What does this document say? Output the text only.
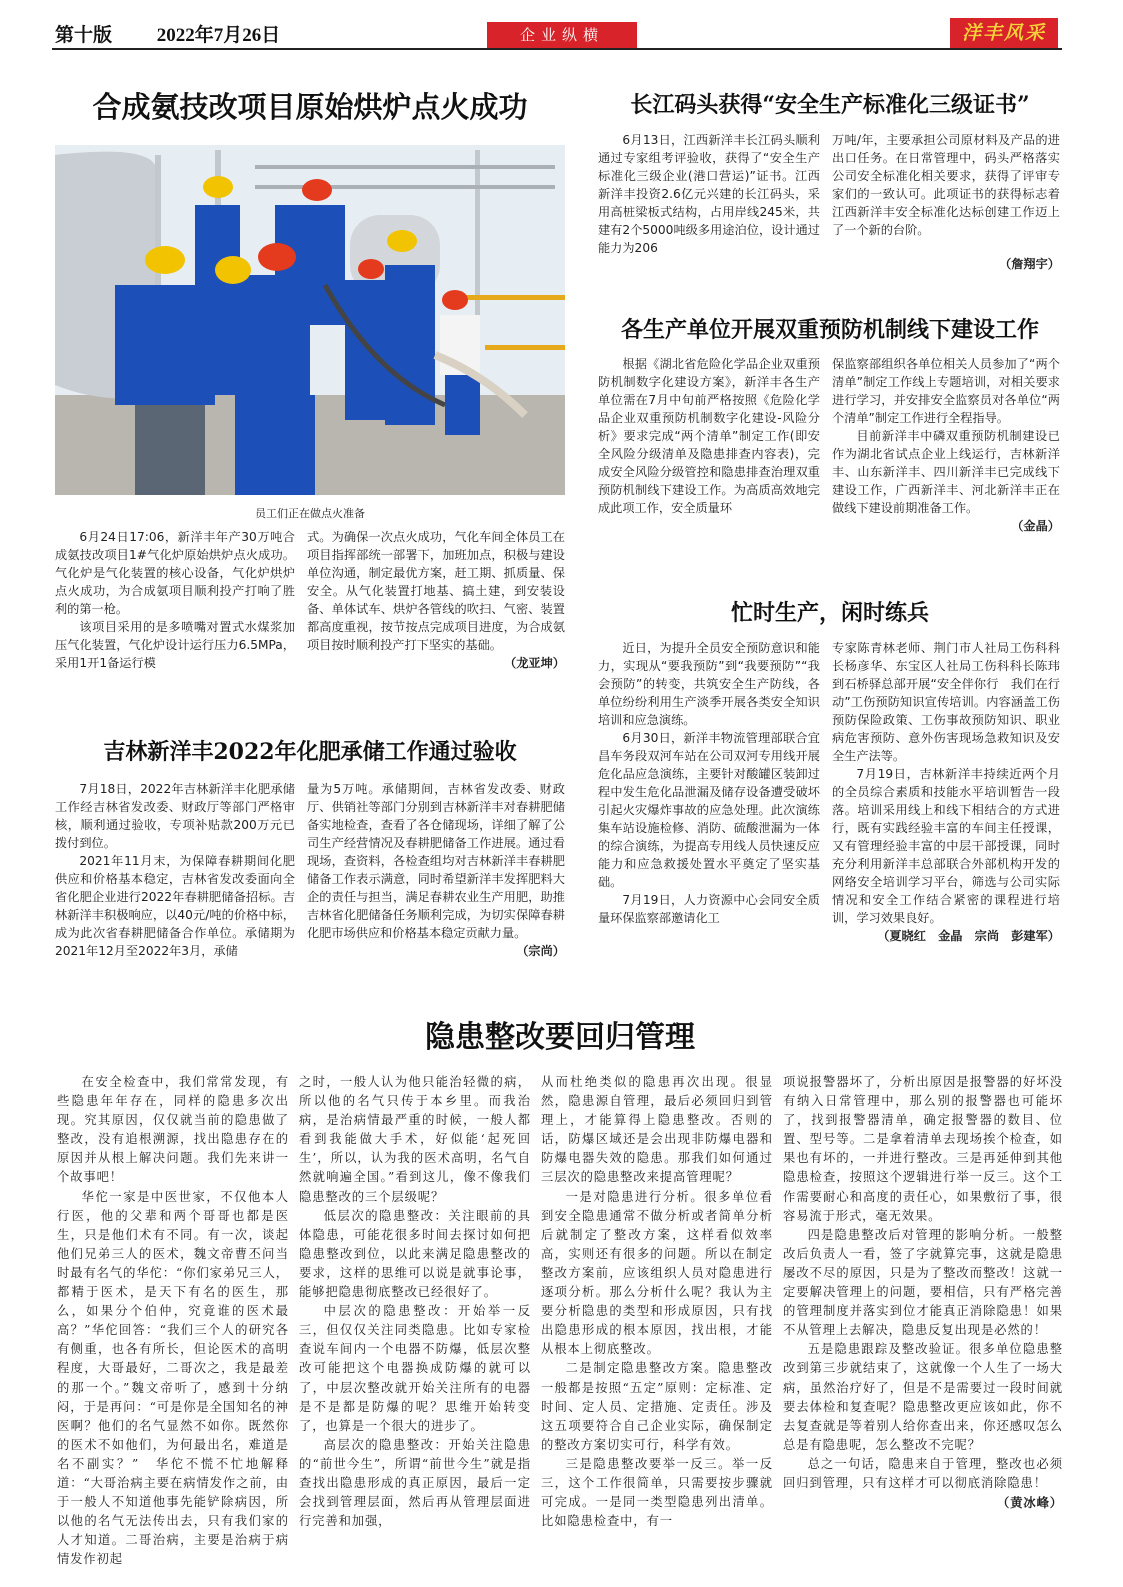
第十版 2022年7月26日	企业纵横	洋丰风采
合成氨技改项目原始烘炉点火成功
员工们正在做点火准备

6月24日17:06，新洋丰年产30万吨合成氨技改项目1#气化炉原始烘炉点火成功。气化炉是气化装置的核心设备，气化炉烘炉点火成功，为合成氨项目顺利投产打响了胜利的第一枪。

该项目采用的是多喷嘴对置式水煤浆加压气化装置，气化炉设计运行压力6.5MPa，采用1开1备运行模

式。为确保一次点火成功，气化车间全体员工在项目指挥部统一部署下，加班加点，积极与建设单位沟通，制定最优方案，赶工期、抓质量、保安全。从气化装置打地基、搞土建，到安装设备、单体试车、烘炉各管线的吹扫、气密、装置都高度重视，按节按点完成项目进度，为合成氨项目按时顺利投产打下坚实的基础。

（龙亚坤）

长江码头获得“安全生产标准化三级证书”

6月13日，江西新洋丰长江码头顺利通过专家组考评验收，获得了“安全生产标准化三级企业(港口营运)”证书。江西新洋丰投资2.6亿元兴建的长江码头，采用高桩梁板式结构，占用岸线245米，共建有2个5000吨级多用途泊位，设计通过能力为206

万吨/年，主要承担公司原材料及产品的进出口任务。在日常管理中，码头严格落实公司安全标准化相关要求，获得了评审专家们的一致认可。此项证书的获得标志着江西新洋丰安全标准化达标创建工作迈上了一个新的台阶。

（詹翔宇）

各生产单位开展双重预防机制线下建设工作

根据《湖北省危险化学品企业双重预防机制数字化建设方案》，新洋丰各生产单位需在7月中旬前严格按照《危险化学品企业双重预防机制数字化建设-风险分析》要求完成“两个清单”制定工作(即安全风险分级清单及隐患排查内容表)，完成安全风险分级管控和隐患排查治理双重预防机制线下建设工作。为高质高效地完成此项工作，安全质量环

保监察部组织各单位相关人员参加了“两个清单”制定工作线上专题培训，对相关要求进行学习，并安排安全监察员对各单位“两个清单”制定工作进行全程指导。

目前新洋丰中磷双重预防机制建设已作为湖北省试点企业上线运行，吉林新洋丰、山东新洋丰、四川新洋丰已完成线下建设工作，广西新洋丰、河北新洋丰正在做线下建设前期准备工作。

（金晶）

吉林新洋丰2022年化肥承储工作通过验收

7月18日，2022年吉林新洋丰化肥承储工作经吉林省发改委、财政厅等部门严格审核，顺利通过验收，专项补贴款200万元已拨付到位。

2021年11月末，为保障春耕期间化肥供应和价格基本稳定，吉林省发改委面向全省化肥企业进行2022年春耕肥储备招标。吉林新洋丰积极响应，以40元/吨的价格中标，成为此次省春耕肥储备合作单位。承储期为2021年12月至2022年3月，承储

量为5万吨。承储期间，吉林省发改委、财政厅、供销社等部门分别到吉林新洋丰对春耕肥储备实地检查，查看了各仓储现场，详细了解了公司生产经营情况及春耕肥储备工作进展。通过看现场，查资料，各检查组均对吉林新洋丰春耕肥储备工作表示满意，同时希望新洋丰发挥肥料大企的责任与担当，满足春耕农业生产用肥，助推吉林省化肥储备任务顺利完成，为切实保障春耕化肥市场供应和价格基本稳定贡献力量。

（宗尚）

忙时生产，闲时练兵

近日，为提升全员安全预防意识和能力，实现从“要我预防”到“我要预防”“我会预防”的转变，共筑安全生产防线，各单位纷纷利用生产淡季开展各类安全知识培训和应急演练。

6月30日，新洋丰物流管理部联合宜昌车务段双河车站在公司双河专用线开展危化品应急演练，主要针对酸罐区装卸过程中发生危化品泄漏及储存设备遭受破坏引起火灾爆炸事故的应急处理。此次演练集车站设施检修、消防、硫酸泄漏为一体的综合演练，为提高专用线人员快速反应能力和应急救援处置水平奠定了坚实基础。

7月19日，人力资源中心会同安全质量环保监察部邀请化工

专家陈青林老师、荆门市人社局工伤科科长杨彦华、东宝区人社局工伤科科长陈玮到石桥驿总部开展“安全伴你行　我们在行动”工伤预防知识宣传培训。内容涵盖工伤预防保险政策、工伤事故预防知识、职业病危害预防、意外伤害现场急救知识及安全生产法等。

7月19日，吉林新洋丰持续近两个月的全员综合素质和技能水平培训暂告一段落。培训采用线上和线下相结合的方式进行，既有实践经验丰富的车间主任授课，又有管理经验丰富的中层干部授课，同时充分利用新洋丰总部联合外部机构开发的网络安全培训学习平台，筛选与公司实际情况和安全工作结合紧密的课程进行培训，学习效果良好。

（夏晓红　金晶　宗尚　彭建军）

隐患整改要回归管理

在安全检查中，我们常常发现，有些隐患年年存在，同样的隐患多次出现。究其原因，仅仅就当前的隐患做了整改，没有追根溯源，找出隐患存在的原因并从根上解决问题。我们先来讲一个故事吧！

华佗一家是中医世家，不仅他本人行医，他的父辈和两个哥哥也都是医生，只是他们术有不同。有一次，谈起他们兄弟三人的医术，魏文帝曹丕问当时最有名气的华佗：“你们家弟兄三人，都精于医术，是天下有名的医生，那么，如果分个伯仲，究竟谁的医术最高？”华佗回答：“我们三个人的研究各有侧重，也各有所长，但论医术的高明程度，大哥最好，二哥次之，我是最差的那一个。”魏文帝听了，感到十分纳闷，于是再问：“可是你是全国知名的神医啊？他们的名气显然不如你。既然你的医术不如他们，为何最出名，难道是名不副实？”　华佗不慌不忙地解释道：“大哥治病主要在病情发作之前，由于一般人不知道他事先能铲除病因，所以他的名气无法传出去，只有我们家的人才知道。二哥治病，主要是治病于病情发作初起

之时，一般人认为他只能治轻微的病，所以他的名气只传于本乡里。而我治病，是治病情最严重的时候，一般人都看到我能做大手术，好似能‘起死回生’，所以，认为我的医术高明，名气自然就响遍全国。”看到这儿，像不像我们隐患整改的三个层级呢？

低层次的隐患整改：关注眼前的具体隐患，可能花很多时间去探讨如何把隐患整改到位，以此来满足隐患整改的要求，这样的思维可以说是就事论事，能够把隐患彻底整改已经很好了。

中层次的隐患整改：开始举一反三，但仅仅关注同类隐患。比如专家检查说车间内一个电器不防爆，低层次整改可能把这个电器换成防爆的就可以了，中层次整改就开始关注所有的电器是不是都是防爆的呢？思维开始转变了，也算是一个很大的进步了。

高层次的隐患整改：开始关注隐患的“前世今生”，所谓“前世今生”就是指查找出隐患形成的真正原因，最后一定会找到管理层面，然后再从管理层面进行完善和加强，

从而杜绝类似的隐患再次出现。很显然，隐患源自管理，最后必须回归到管理上，才能算得上隐患整改。否则的话，防爆区域还是会出现非防爆电器和防爆电器失效的隐患。那我们如何通过三层次的隐患整改来提高管理呢？

一是对隐患进行分析。很多单位看到安全隐患通常不做分析或者简单分析后就制定了整改方案，这样看似效率高，实则还有很多的问题。所以在制定整改方案前，应该组织人员对隐患进行逐项分析。那么分析什么呢？我认为主要分析隐患的类型和形成原因，只有找出隐患形成的根本原因，找出根，才能从根本上彻底整改。

二是制定隐患整改方案。隐患整改一般都是按照“五定”原则：定标准、定时间、定人员、定措施、定责任。涉及这五项要符合自己企业实际，确保制定的整改方案切实可行，科学有效。

三是隐患整改要举一反三。举一反三，这个工作很简单，只需要按步骤就可完成。一是同一类型隐患列出清单。比如隐患检查中，有一

项说报警器坏了，分析出原因是报警器的好坏没有纳入日常管理中，那么别的报警器也可能坏了，找到报警器清单，确定报警器的数目、位置、型号等。二是拿着清单去现场挨个检查，如果也有坏的，一并进行整改。三是再延伸到其他隐患检查，按照这个逻辑进行举一反三。这个工作需要耐心和高度的责任心，如果敷衍了事，很容易流于形式，毫无效果。

四是隐患整改后对管理的影响分析。一般整改后负责人一看，签了字就算完事，这就是隐患屡改不尽的原因，只是为了整改而整改！这就一定要解决管理上的问题，要相信，只有严格完善的管理制度并落实到位才能真正消除隐患！如果不从管理上去解决，隐患反复出现是必然的！

五是隐患跟踪及整改验证。很多单位隐患整改到第三步就结束了，这就像一个人生了一场大病，虽然治疗好了，但是不是需要过一段时间就要去体检和复查呢？隐患整改更应该如此，你不去复查就是等着别人给你查出来，你还感叹怎么总是有隐患呢，怎么整改不完呢？

总之一句话，隐患来自于管理，整改也必须回归到管理，只有这样才可以彻底消除隐患！

（黄冰峰）
